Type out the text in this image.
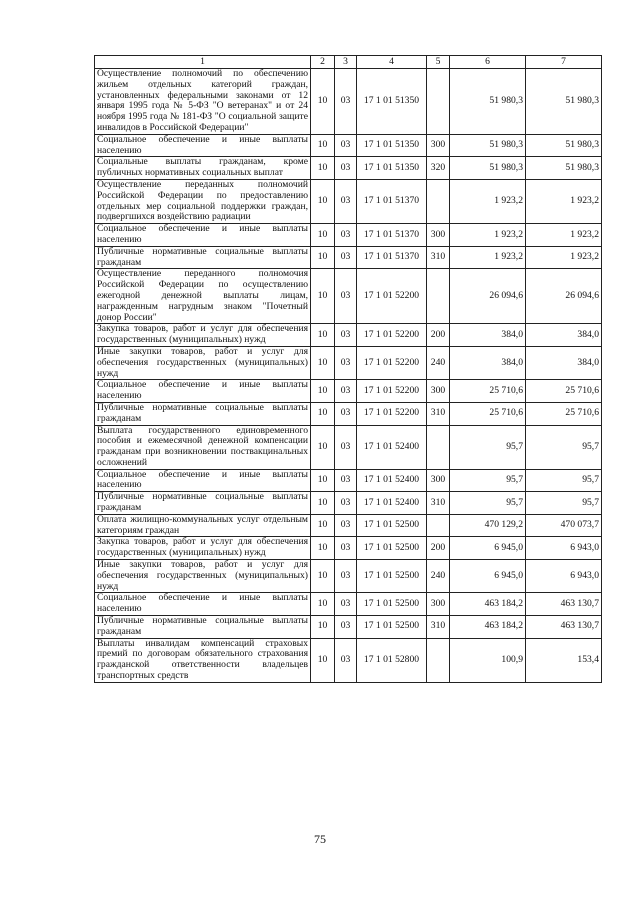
1	2	3	4	5	6	7
Осуществление полномочий по обеспечению жильем отдельных категорий граждан, установленных федеральными законами от 12 января 1995 года № 5-ФЗ "О ветеранах" и от 24 ноября 1995 года № 181-ФЗ "О социальной защите инвалидов в Российской Федерации"	10	03	17 1 01 51350		51 980,3	51 980,3
Социальное обеспечение и иные выплаты населению	10	03	17 1 01 51350	300	51 980,3	51 980,3
Социальные выплаты гражданам, кроме публичных нормативных социальных выплат	10	03	17 1 01 51350	320	51 980,3	51 980,3
Осуществление переданных полномочий Российской Федерации по предоставлению отдельных мер социальной поддержки граждан, подвергшихся воздействию радиации	10	03	17 1 01 51370		1 923,2	1 923,2
Социальное обеспечение и иные выплаты населению	10	03	17 1 01 51370	300	1 923,2	1 923,2
Публичные нормативные социальные выплаты гражданам	10	03	17 1 01 51370	310	1 923,2	1 923,2
Осуществление переданного полномочия Российской Федерации по осуществлению ежегодной денежной выплаты лицам, награжденным нагрудным знаком "Почетный донор России"	10	03	17 1 01 52200		26 094,6	26 094,6
Закупка товаров, работ и услуг для обеспечения государственных (муниципальных) нужд	10	03	17 1 01 52200	200	384,0	384,0
Иные закупки товаров, работ и услуг для обеспечения государственных (муниципальных) нужд	10	03	17 1 01 52200	240	384,0	384,0
Социальное обеспечение и иные выплаты населению	10	03	17 1 01 52200	300	25 710,6	25 710,6
Публичные нормативные социальные выплаты гражданам	10	03	17 1 01 52200	310	25 710,6	25 710,6
Выплата государственного единовременного пособия и ежемесячной денежной компенсации гражданам при возникновении поствакцинальных осложнений	10	03	17 1 01 52400		95,7	95,7
Социальное обеспечение и иные выплаты населению	10	03	17 1 01 52400	300	95,7	95,7
Публичные нормативные социальные выплаты гражданам	10	03	17 1 01 52400	310	95,7	95,7
Оплата жилищно-коммунальных услуг отдельным категориям граждан	10	03	17 1 01 52500		470 129,2	470 073,7
Закупка товаров, работ и услуг для обеспечения государственных (муниципальных) нужд	10	03	17 1 01 52500	200	6 945,0	6 943,0
Иные закупки товаров, работ и услуг для обеспечения государственных (муниципальных) нужд	10	03	17 1 01 52500	240	6 945,0	6 943,0
Социальное обеспечение и иные выплаты населению	10	03	17 1 01 52500	300	463 184,2	463 130,7
Публичные нормативные социальные выплаты гражданам	10	03	17 1 01 52500	310	463 184,2	463 130,7
Выплаты инвалидам компенсаций страховых премий по договорам обязательного страхования гражданской ответственности владельцев транспортных средств	10	03	17 1 01 52800		100,9	153,4
75
